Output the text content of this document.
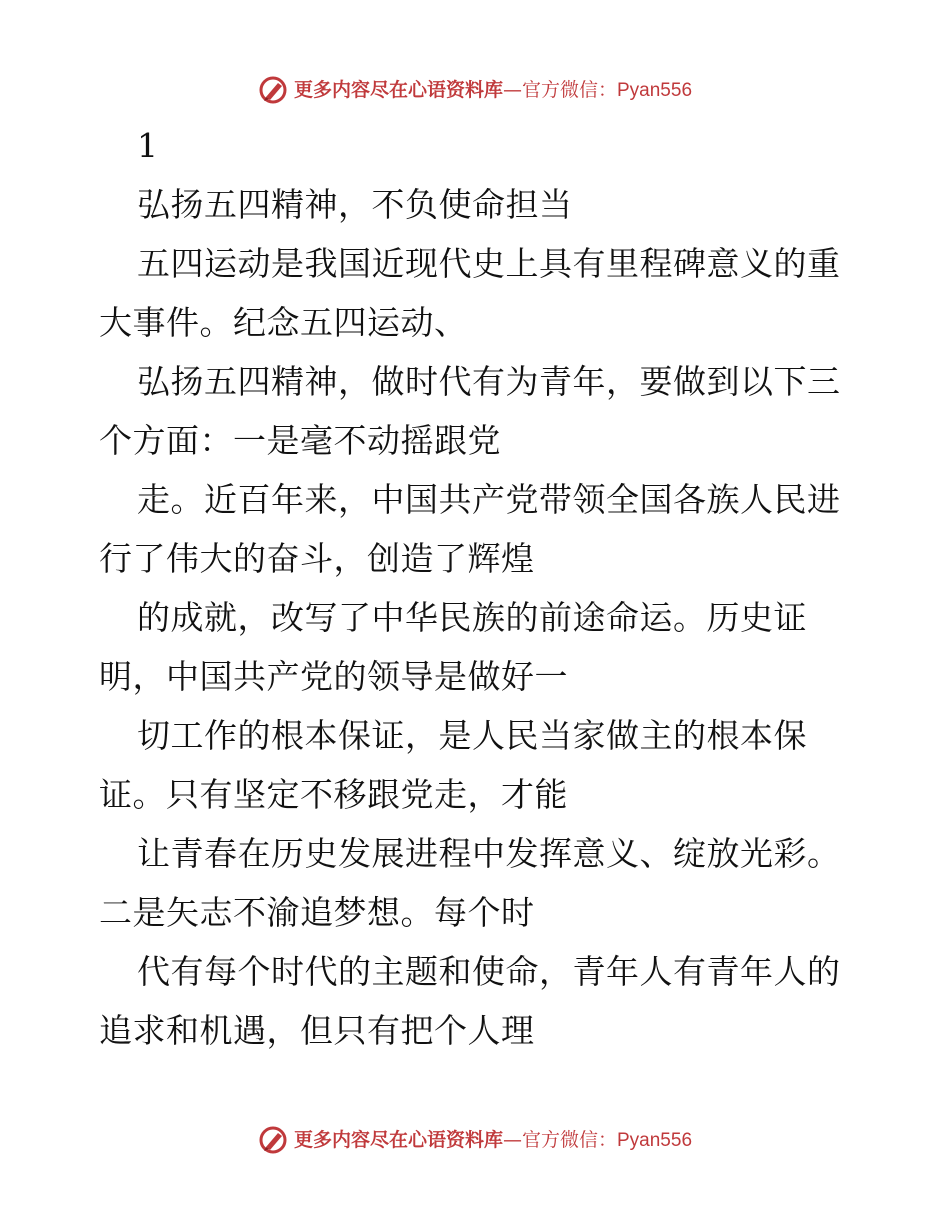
更多内容尽在心语资料库—官方微信：Pyan556
1
弘扬五四精神，不负使命担当
五四运动是我国近现代史上具有里程碑意义的重
大事件。纪念五四运动、
弘扬五四精神，做时代有为青年，要做到以下三
个方面：一是毫不动摇跟党
走。近百年来，中国共产党带领全国各族人民进
行了伟大的奋斗，创造了辉煌
的成就，改写了中华民族的前途命运。历史证
明，中国共产党的领导是做好一
切工作的根本保证，是人民当家做主的根本保
证。只有坚定不移跟党走，才能
让青春在历史发展进程中发挥意义、绽放光彩。
二是矢志不渝追梦想。每个时
代有每个时代的主题和使命，青年人有青年人的
追求和机遇，但只有把个人理
更多内容尽在心语资料库—官方微信：Pyan556
